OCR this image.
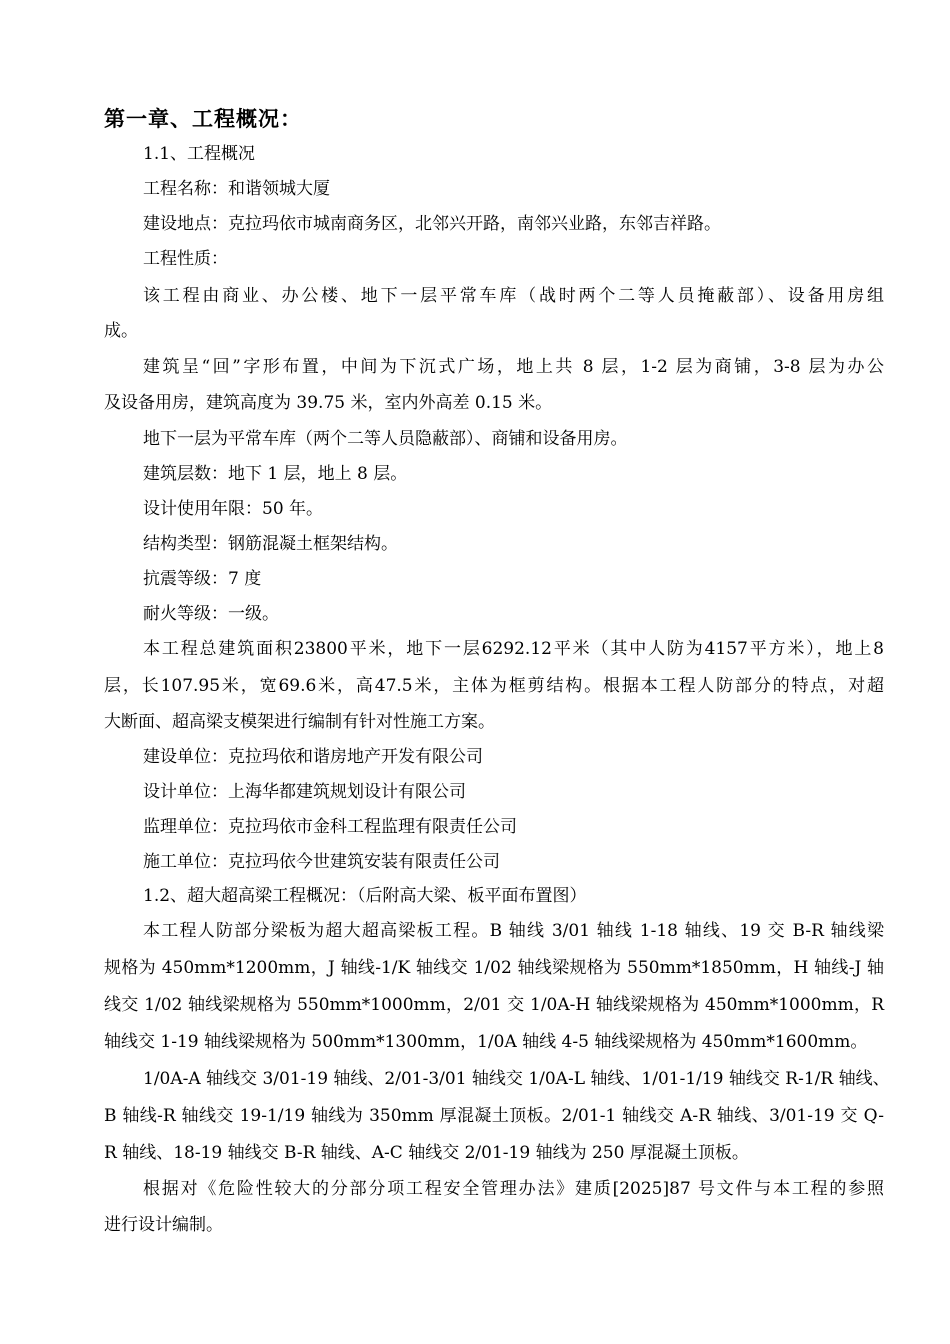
第一章、工程概况：
1.1、工程概况
工程名称：和谐领城大厦
建设地点：克拉玛依市城南商务区，北邻兴开路，南邻兴业路，东邻吉祥路。
工程性质：
该工程由商业、办公楼、地下一层平常车库（战时两个二等人员掩蔽部）、设备用房组
成。
建筑呈“回”字形布置，中间为下沉式广场，地上共 8 层，1-2 层为商铺，3-8 层为办公
及设备用房，建筑高度为 39.75 米，室内外高差 0.15 米。
地下一层为平常车库（两个二等人员隐蔽部）、商铺和设备用房。
建筑层数：地下 1 层，地上 8 层。
设计使用年限：50 年。
结构类型：钢筋混凝土框架结构。
抗震等级：7 度
耐火等级：一级。
本工程总建筑面积23800平米，地下一层6292.12平米（其中人防为4157平方米），地上8
层，长107.95米，宽69.6米，高47.5米，主体为框剪结构。根据本工程人防部分的特点，对超
大断面、超高梁支模架进行编制有针对性施工方案。
建设单位：克拉玛依和谐房地产开发有限公司
设计单位：上海华都建筑规划设计有限公司
监理单位：克拉玛依市金科工程监理有限责任公司
施工单位：克拉玛依今世建筑安装有限责任公司
1.2、超大超高梁工程概况：（后附高大梁、板平面布置图）
本工程人防部分梁板为超大超高梁板工程。B 轴线 3/01 轴线 1-18 轴线、19 交 B-R 轴线梁
规格为 450mm*1200mm，J 轴线-1/K 轴线交 1/02 轴线梁规格为 550mm*1850mm，H 轴线-J 轴
线交 1/02 轴线梁规格为 550mm*1000mm，2/01 交 1/0A-H 轴线梁规格为 450mm*1000mm，R
轴线交 1-19 轴线梁规格为 500mm*1300mm，1/0A 轴线 4-5 轴线梁规格为 450mm*1600mm。
1/0A-A 轴线交 3/01-19 轴线、2/01-3/01 轴线交 1/0A-L 轴线、1/01-1/19 轴线交 R-1/R 轴线、
B 轴线-R 轴线交 19-1/19 轴线为 350mm 厚混凝土顶板。2/01-1 轴线交 A-R 轴线、3/01-19 交 Q-
R 轴线、18-19 轴线交 B-R 轴线、A-C 轴线交 2/01-19 轴线为 250 厚混凝土顶板。
根据对《危险性较大的分部分项工程安全管理办法》建质[2025]87 号文件与本工程的参照
进行设计编制。
